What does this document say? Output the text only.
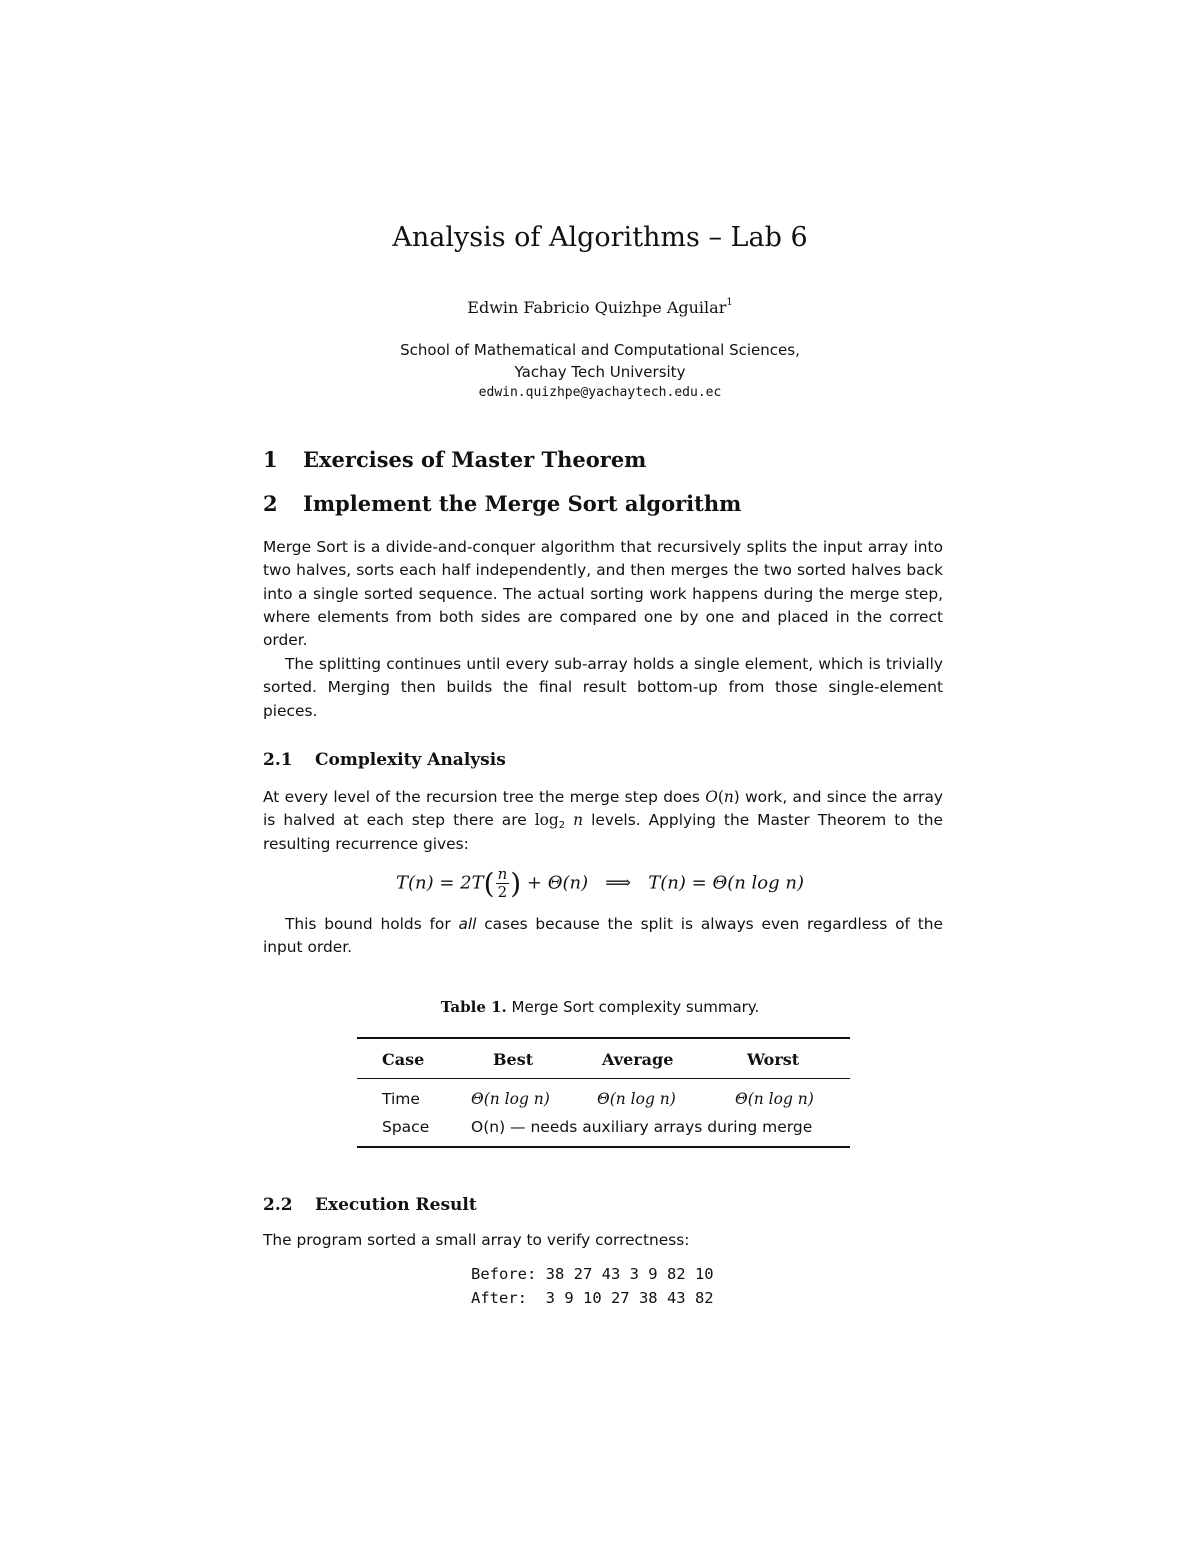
Analysis of Algorithms – Lab 6
Edwin Fabricio Quizhpe Aguilar$^1$
School of Mathematical and Computational Sciences,
Yachay Tech University
edwin.quizhpe@yachaytech.edu.ec
1 Exercises of Master Theorem
2 Implement the Merge Sort algorithm
Merge Sort is a divide-and-conquer algorithm that recursively splits the input array into two halves, sorts each half independently, and then merges the two sorted halves back into a single sorted sequence. The actual sorting work happens during the merge step, where elements from both sides are compared one by one and placed in the correct order.
The splitting continues until every sub-array holds a single element, which is trivially sorted. Merging then builds the final result bottom-up from those single-element pieces.
2.1 Complexity Analysis
At every level of the recursion tree the merge step does O(n) work, and since the array is halved at each step there are $\log_2 n$ levels. Applying the Master Theorem to the resulting recurrence gives:
$T(n) = 2T( \frac{n}{2}$ ) + Θ(n) ⟹ T(n) = Θ(n log n)
This bound holds for all cases because the split is always even regardless of the input order.
Table 1. Merge Sort complexity summary.
Case	Best	Average	Worst
Time	Θ(n log n)	Θ(n log n)	Θ(n log n)
Space	O(n) — needs auxiliary arrays during merge
2.2 Execution Result
The program sorted a small array to verify correctness:
Before: 38 27 43 3 9 82 10
After:  3 9 10 27 38 43 82
